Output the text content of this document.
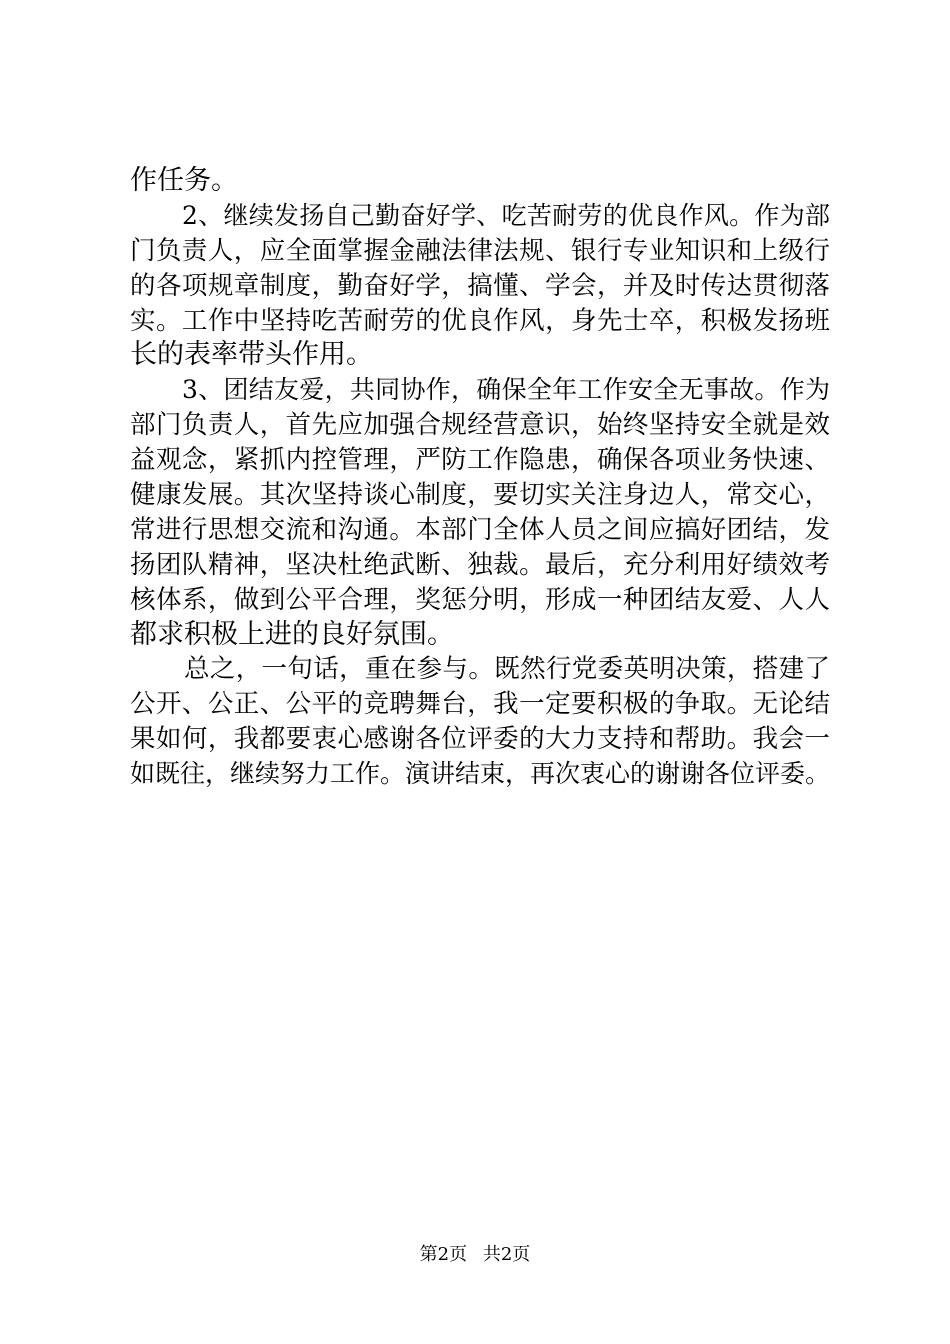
作任务。
2、继续发扬自己勤奋好学、吃苦耐劳的优良作风。作为部
门负责人，应全面掌握金融法律法规、银行专业知识和上级行
的各项规章制度，勤奋好学，搞懂、学会，并及时传达贯彻落
实。工作中坚持吃苦耐劳的优良作风，身先士卒，积极发扬班
长的表率带头作用。
3、团结友爱，共同协作，确保全年工作安全无事故。作为
部门负责人，首先应加强合规经营意识，始终坚持安全就是效
益观念，紧抓内控管理，严防工作隐患，确保各项业务快速、
健康发展。其次坚持谈心制度，要切实关注身边人，常交心，
常进行思想交流和沟通。本部门全体人员之间应搞好团结，发
扬团队精神，坚决杜绝武断、独裁。最后，充分利用好绩效考
核体系，做到公平合理，奖惩分明，形成一种团结友爱、人人
都求积极上进的良好氛围。
总之，一句话，重在参与。既然行党委英明决策，搭建了
公开、公正、公平的竞聘舞台，我一定要积极的争取。无论结
果如何，我都要衷心感谢各位评委的大力支持和帮助。我会一
如既往，继续努力工作。演讲结束，再次衷心的谢谢各位评委。
第2页 共2页
